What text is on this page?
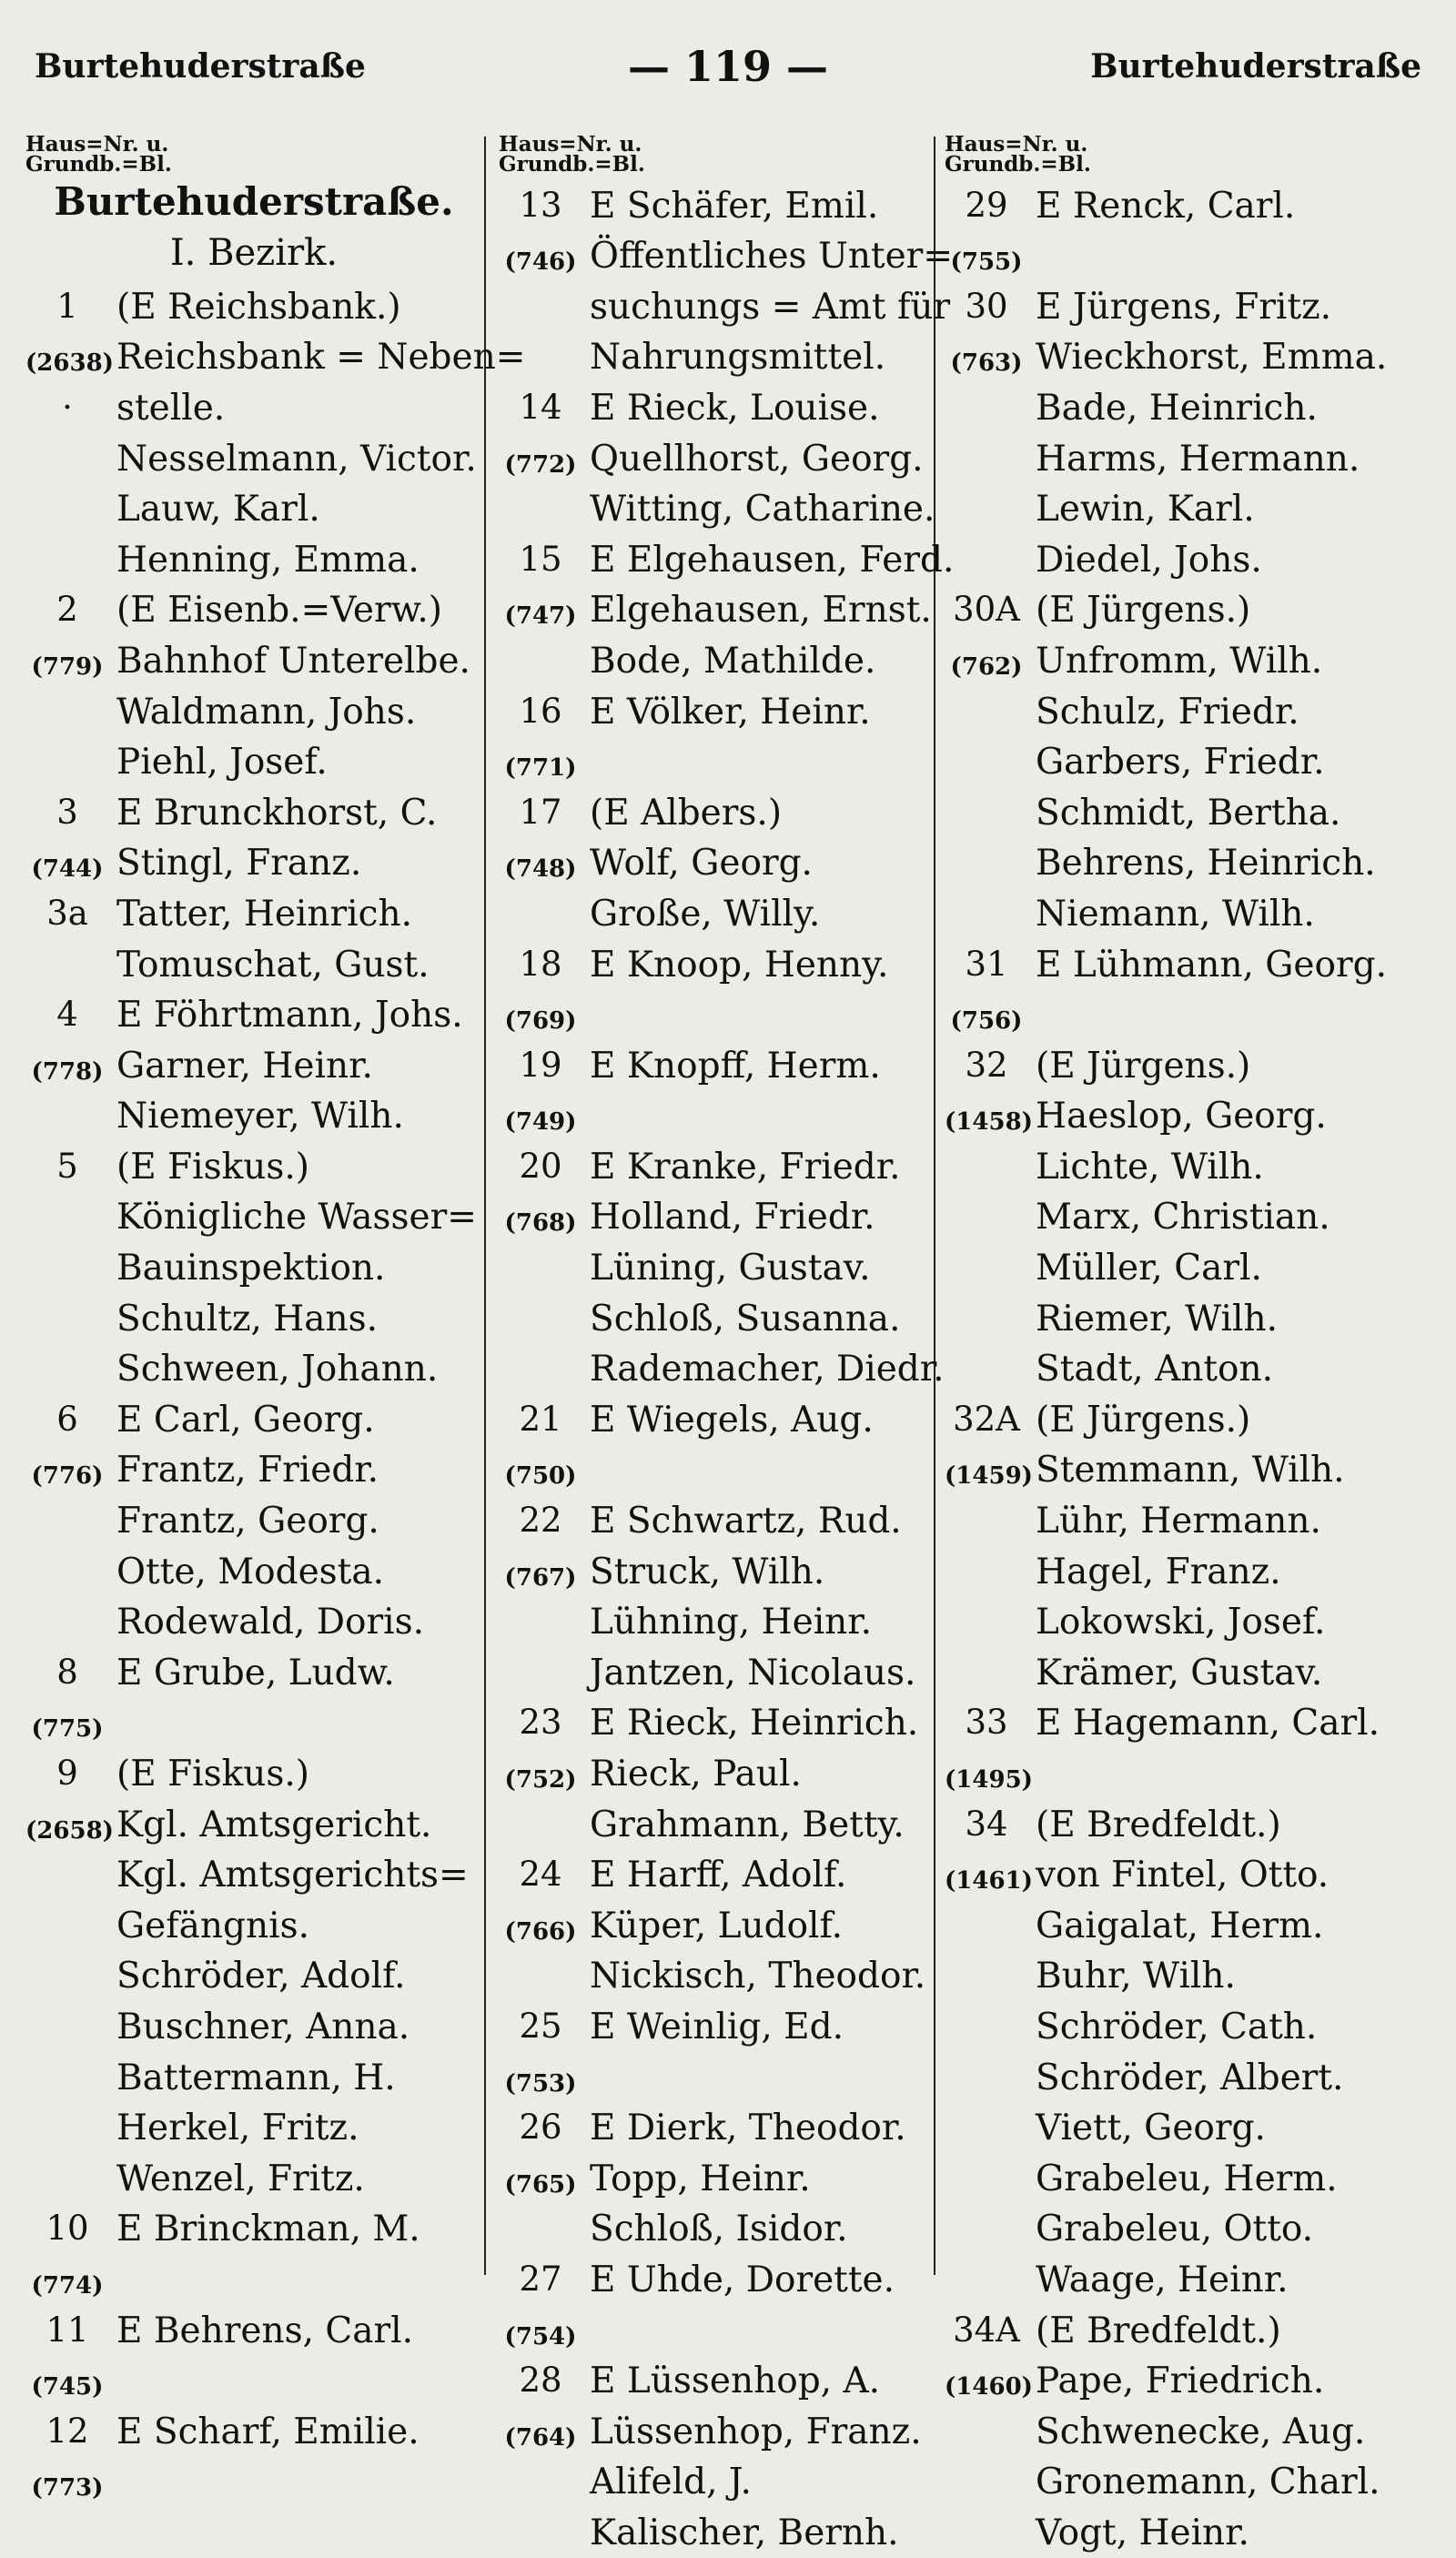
— 119 —
Burtehuderstraße	Burtehuderstraße
Haus=Nr. u.
Grundb.=Bl.
Burtehuderstraße.
I. Bezirk.
1	(E Reichsbank.)
(2638) Reichsbank = Neben=
·	stelle.
Nesselmann, Victor.
Lauw, Karl.
Henning, Emma.
2	(E Eisenb.=Verw.)
(779) Bahnhof Unterelbe.
Waldmann, Johs.
Piehl, Josef.
3	E Brunckhorst, C.
(744) Stingl, Franz.
3a Tatter, Heinrich.
Tomuschat, Gust.
4	E Föhrtmann, Johs.
(778) Garner, Heinr.
Niemeyer, Wilh.
5	(E Fiskus.)
Königliche Wasser=
Bauinspektion.
Schultz, Hans.
Schween, Johann.
6	E Carl, Georg.
(776) Frantz, Friedr.
Frantz, Georg.
Otte, Modesta.
Rodewald, Doris.
8	E Grube, Ludw.
(775)
9	(E Fiskus.)
(2658) Kgl. Amtsgericht.
Kgl. Amtsgerichts=
Gefängnis.
Schröder, Adolf.
Buschner, Anna.
Battermann, H.
Herkel, Fritz.
Wenzel, Fritz.
10 E Brinckman, M.
(774)
11 E Behrens, Carl.
(745)
12 E Scharf, Emilie.
(773)
Haus=Nr. u.
Grundb.=Bl.
13 E Schäfer, Emil.
(746) Öffentliches Unter=
suchungs = Amt für
Nahrungsmittel.
14 E Rieck, Louise.
(772) Quellhorst, Georg.
Witting, Catharine.
15 E Elgehausen, Ferd.
(747) Elgehausen, Ernst.
Bode, Mathilde.
16 E Völker, Heinr.
(771)
17 (E Albers.)
(748) Wolf, Georg.
Große, Willy.
18 E Knoop, Henny.
(769)
19 E Knopff, Herm.
(749)
20 E Kranke, Friedr.
(768) Holland, Friedr.
Lüning, Gustav.
Schloß, Susanna.
Rademacher, Diedr.
21 E Wiegels, Aug.
(750)
22 E Schwartz, Rud.
(767) Struck, Wilh.
Lühning, Heinr.
Jantzen, Nicolaus.
23 E Rieck, Heinrich.
(752) Rieck, Paul.
Grahmann, Betty.
24 E Harff, Adolf.
(766) Küper, Ludolf.
Nickisch, Theodor.
25 E Weinlig, Ed.
(753)
26 E Dierk, Theodor.
(765) Topp, Heinr.
Schloß, Isidor.
27 E Uhde, Dorette.
(754)
28 E Lüssenhop, A.
(764) Lüssenhop, Franz.
Alifeld, J.
Kalischer, Bernh.
Haus=Nr. u.
Grundb.=Bl.
29 E Renck, Carl.
(755)
30 E Jürgens, Fritz.
(763) Wieckhorst, Emma.
Bade, Heinrich.
Harms, Hermann.
Lewin, Karl.
Diedel, Johs.
30A (E Jürgens.)
(762) Unfromm, Wilh.
Schulz, Friedr.
Garbers, Friedr.
Schmidt, Bertha.
Behrens, Heinrich.
Niemann, Wilh.
31 E Lühmann, Georg.
(756)
32 (E Jürgens.)
(1458) Haeslop, Georg.
Lichte, Wilh.
Marx, Christian.
Müller, Carl.
Riemer, Wilh.
Stadt, Anton.
32A (E Jürgens.)
(1459) Stemmann, Wilh.
Lühr, Hermann.
Hagel, Franz.
Lokowski, Josef.
Krämer, Gustav.
33 E Hagemann, Carl.
(1495)
34 (E Bredfeldt.)
(1461) von Fintel, Otto.
Gaigalat, Herm.
Buhr, Wilh.
Schröder, Cath.
Schröder, Albert.
Viett, Georg.
Grabeleu, Herm.
Grabeleu, Otto.
Waage, Heinr.
34A (E Bredfeldt.)
(1460) Pape, Friedrich.
Schwenecke, Aug.
Gronemann, Charl.
Vogt, Heinr.
